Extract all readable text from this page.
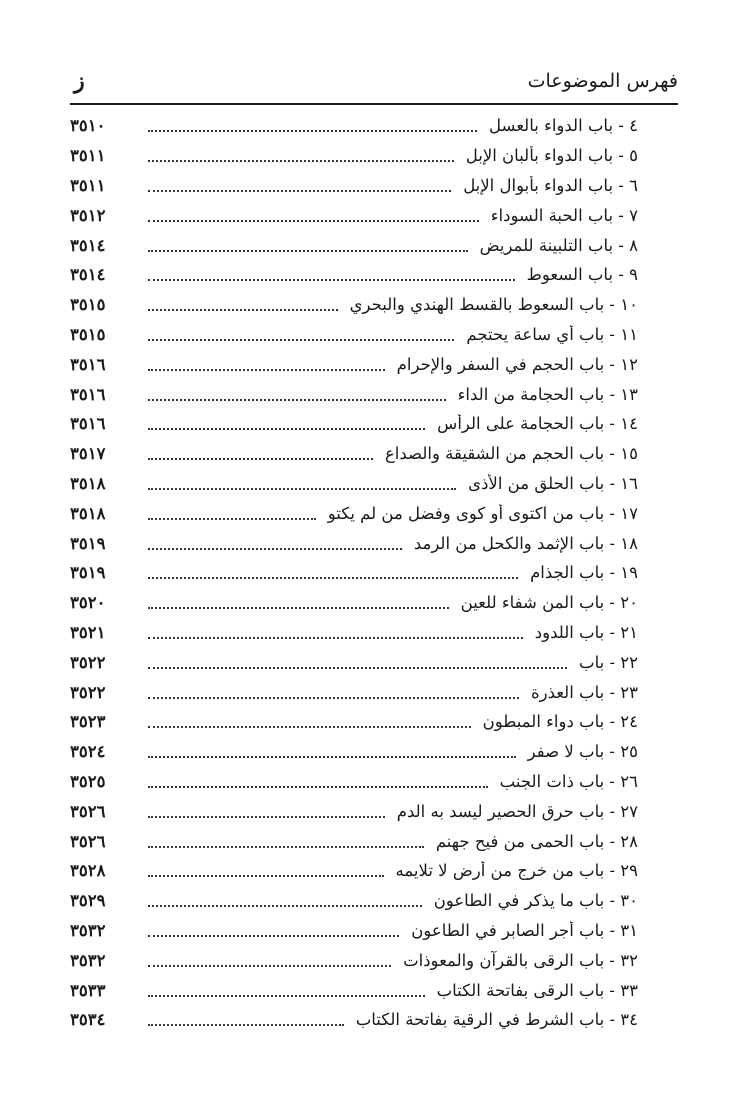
فهرس الموضوعات
ز
٤ - باب الدواء بالعسل
٣٥١٠
٥ - باب الدواء بألبان الإبل
٣٥١١
٦ - باب الدواء بأبوال الإبل
٣٥١١
٧ - باب الحبة السوداء
٣٥١٢
٨ - باب التلبينة للمريض
٣٥١٤
٩ - باب السعوط
٣٥١٤
١٠ - باب السعوط بالقسط الهندي والبحري
٣٥١٥
١١ - باب أي ساعة يحتجم
٣٥١٥
١٢ - باب الحجم في السفر والإحرام
٣٥١٦
١٣ - باب الحجامة من الداء
٣٥١٦
١٤ - باب الحجامة على الرأس
٣٥١٦
١٥ - باب الحجم من الشقيقة والصداع
٣٥١٧
١٦ - باب الحلق من الأذى
٣٥١٨
١٧ - باب من اكتوى أو كوى وفضل من لم يكتوِ
٣٥١٨
١٨ - باب الإثمد والكحل من الرمد
٣٥١٩
١٩ - باب الجذام
٣٥١٩
٢٠ - باب المن شفاء للعين
٣٥٢٠
٢١ - باب اللدود
٣٥٢١
٢٢ - باب
٣٥٢٢
٢٣ - باب العذرة
٣٥٢٢
٢٤ - باب دواء المبطون
٣٥٢٣
٢٥ - باب لا صفر
٣٥٢٤
٢٦ - باب ذات الجنب
٣٥٢٥
٢٧ - باب حرق الحصير ليسد به الدم
٣٥٢٦
٢٨ - باب الحمى من فيح جهنم
٣٥٢٦
٢٩ - باب من خرج من أرض لا تلايمه
٣٥٢٨
٣٠ - باب ما يذكر في الطاعون
٣٥٢٩
٣١ - باب أجر الصابر في الطاعون
٣٥٣٢
٣٢ - باب الرقى بالقرآن والمعوذات
٣٥٣٢
٣٣ - باب الرقى بفاتحة الكتاب
٣٥٣٣
٣٤ - باب الشرط في الرقية بفاتحة الكتاب
٣٥٣٤
